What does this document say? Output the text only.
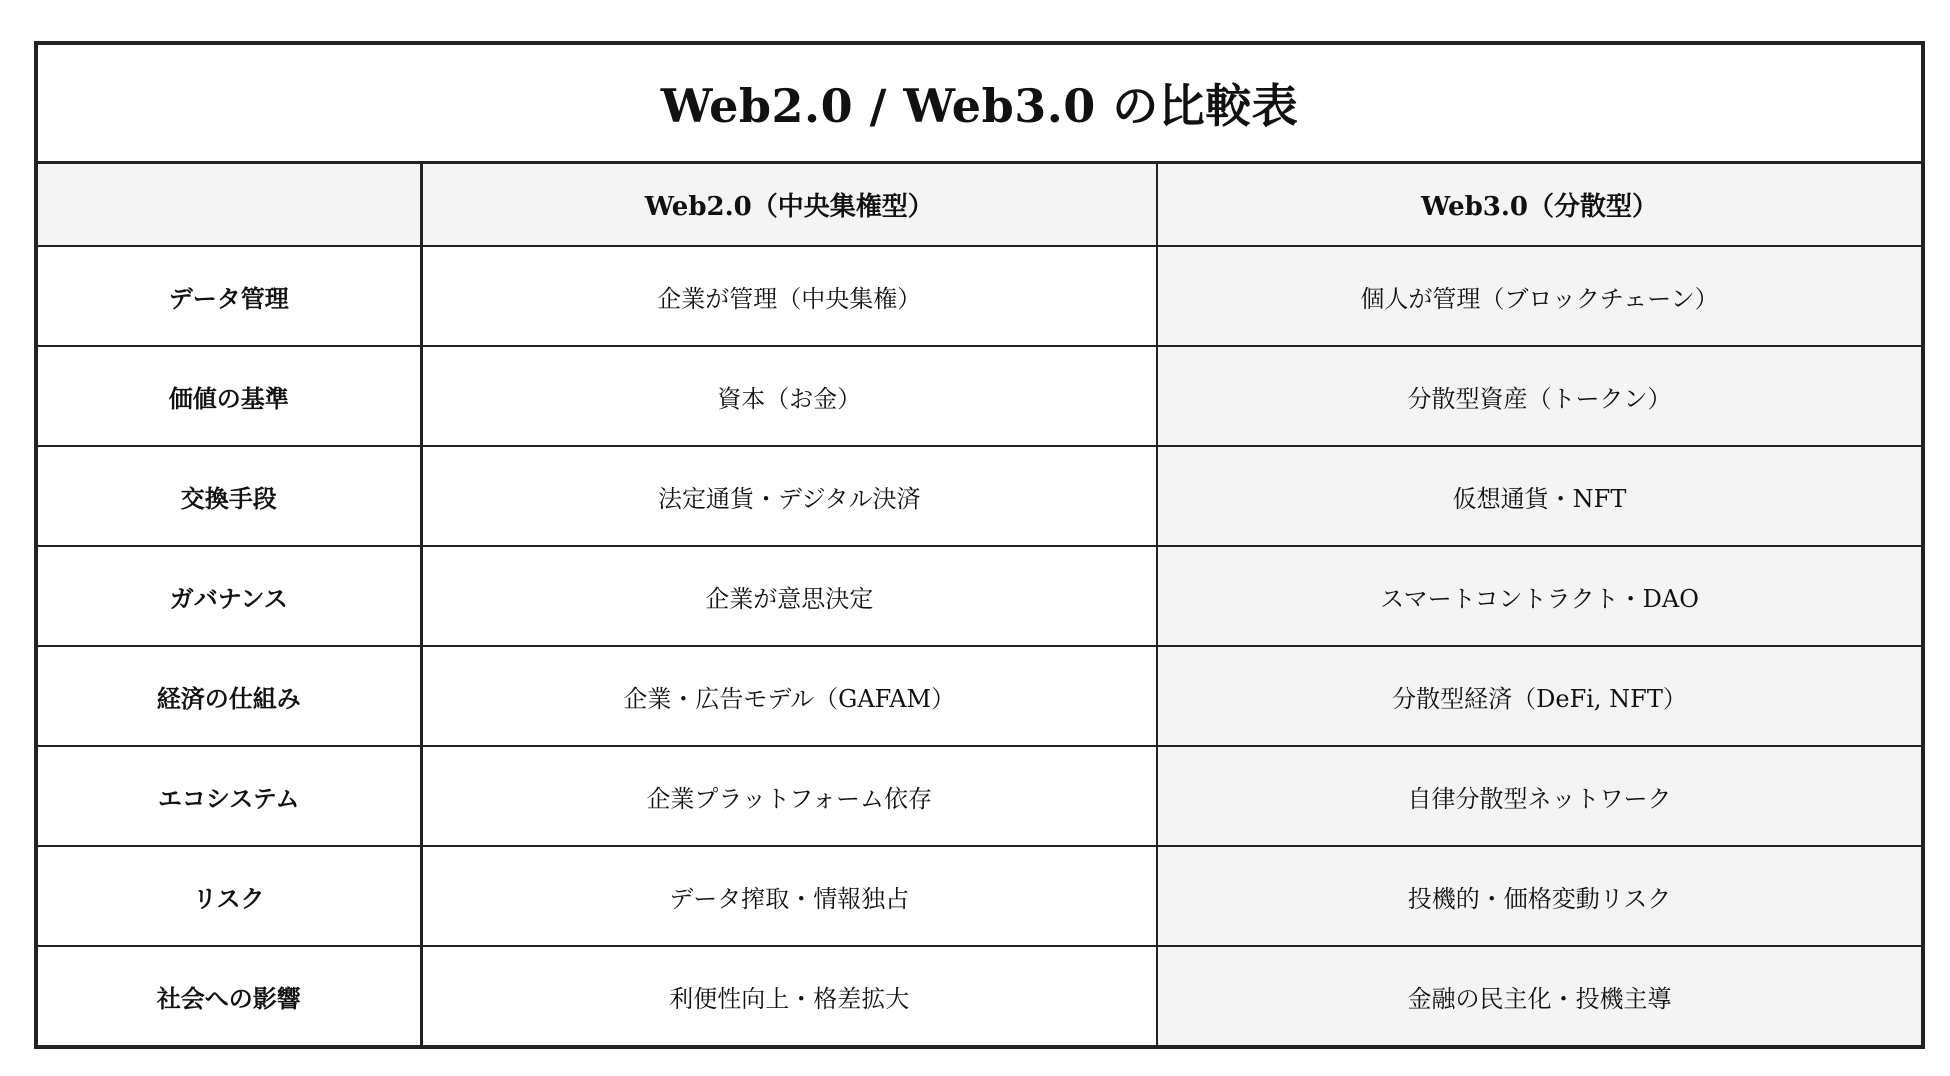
Web2.0 / Web3.0 の比較表		
	Web2.0（中央集権型）	Web3.0（分散型）
データ管理	企業が管理（中央集権）	個人が管理（ブロックチェーン）
価値の基準	資本（お金）	分散型資産（トークン）
交換手段	法定通貨・デジタル決済	仮想通貨・NFT
ガバナンス	企業が意思決定	スマートコントラクト・DAO
経済の仕組み	企業・広告モデル（GAFAM）	分散型経済（DeFi, NFT）
エコシステム	企業プラットフォーム依存	自律分散型ネットワーク
リスク	データ搾取・情報独占	投機的・価格変動リスク
社会への影響	利便性向上・格差拡大	金融の民主化・投機主導
